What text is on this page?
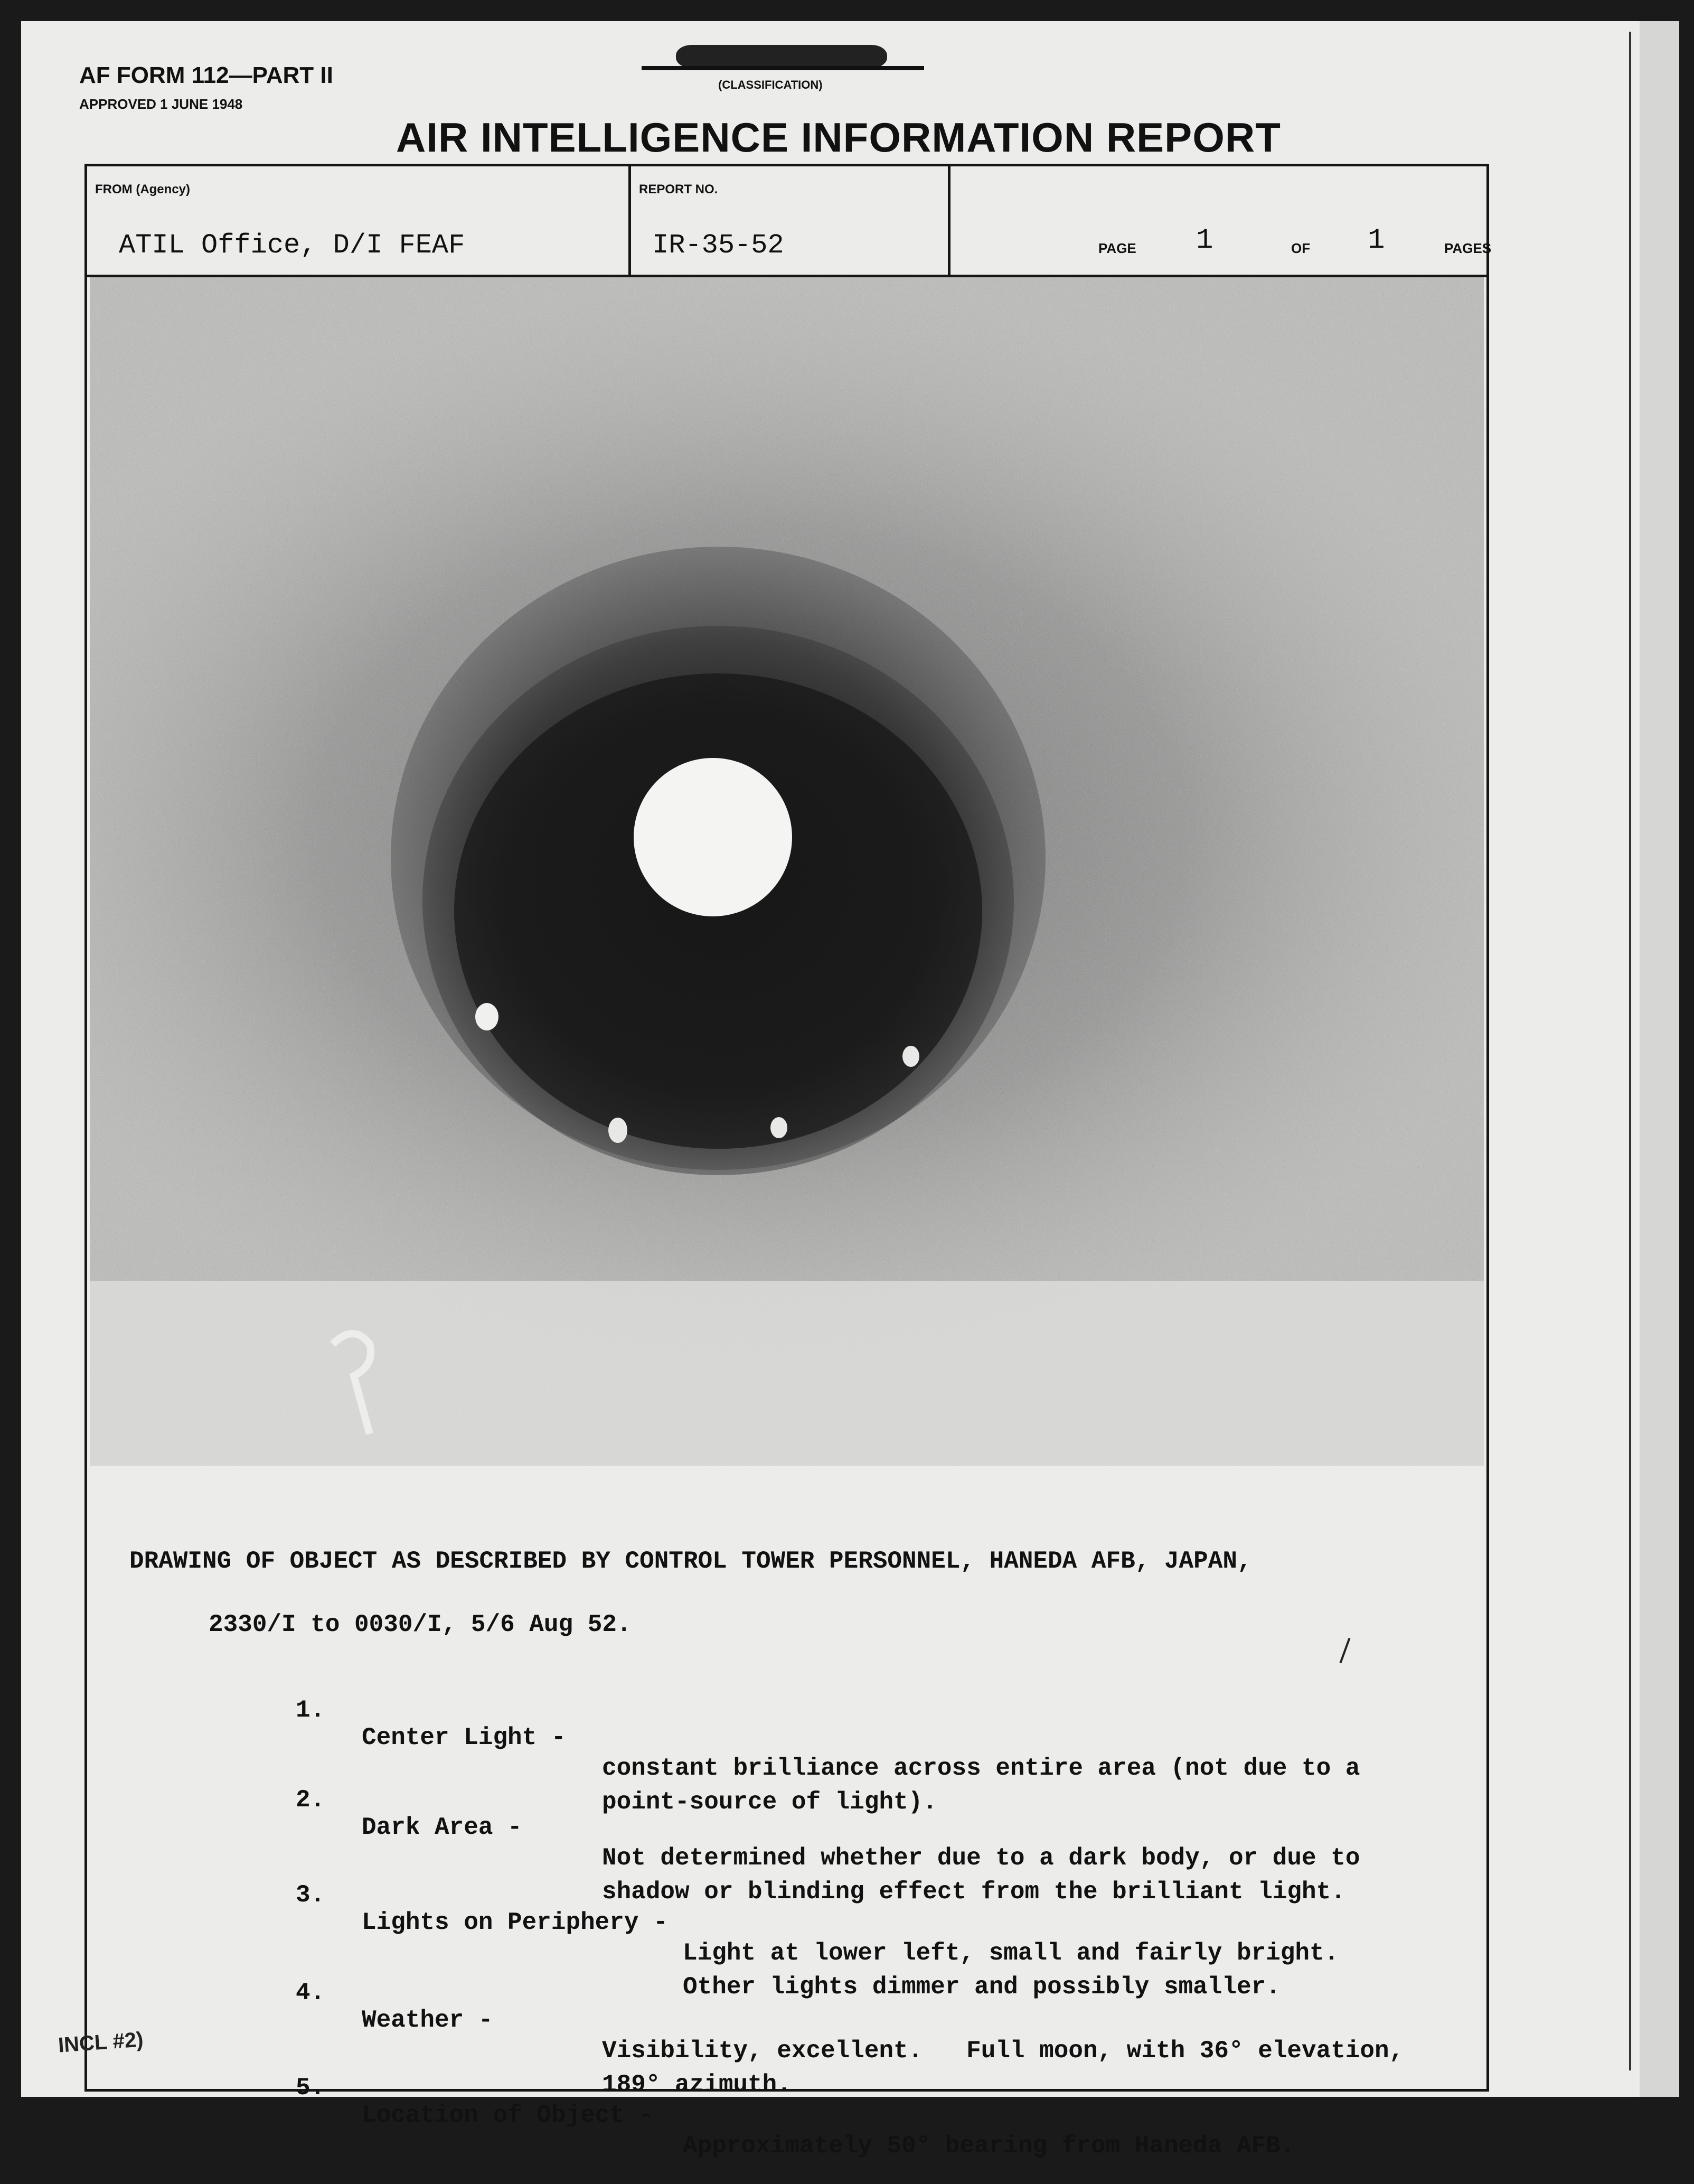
AF FORM 112—PART II
APPROVED 1 JUNE 1948
(CLASSIFICATION)
AIR INTELLIGENCE INFORMATION REPORT
FROM (Agency)
ATIL Office, D/I FEAF
REPORT NO.
IR-35-52	PAGE 1	OF 1	PAGES
DRAWING OF OBJECT AS DESCRIBED BY CONTROL TOWER PERSONNEL, HANEDA AFB, JAPAN,
2330/I to 0030/I, 5/6 Aug 52.

1.

Center Light -

constant brilliance across entire area (not due to a
point-source of light).

2.

Dark Area -

Not determined whether due to a dark body, or due to
shadow or blinding effect from the brilliant light.

3.

Lights on Periphery -

Light at lower left, small and fairly bright.
Other lights dimmer and possibly smaller.

4.

Weather -

Visibility, excellent.   Full moon, with 36° elevation,
189° azimuth.

5.

Location of Object -

Approximately 50° bearing from Haneda AFB.

INCL #2)
